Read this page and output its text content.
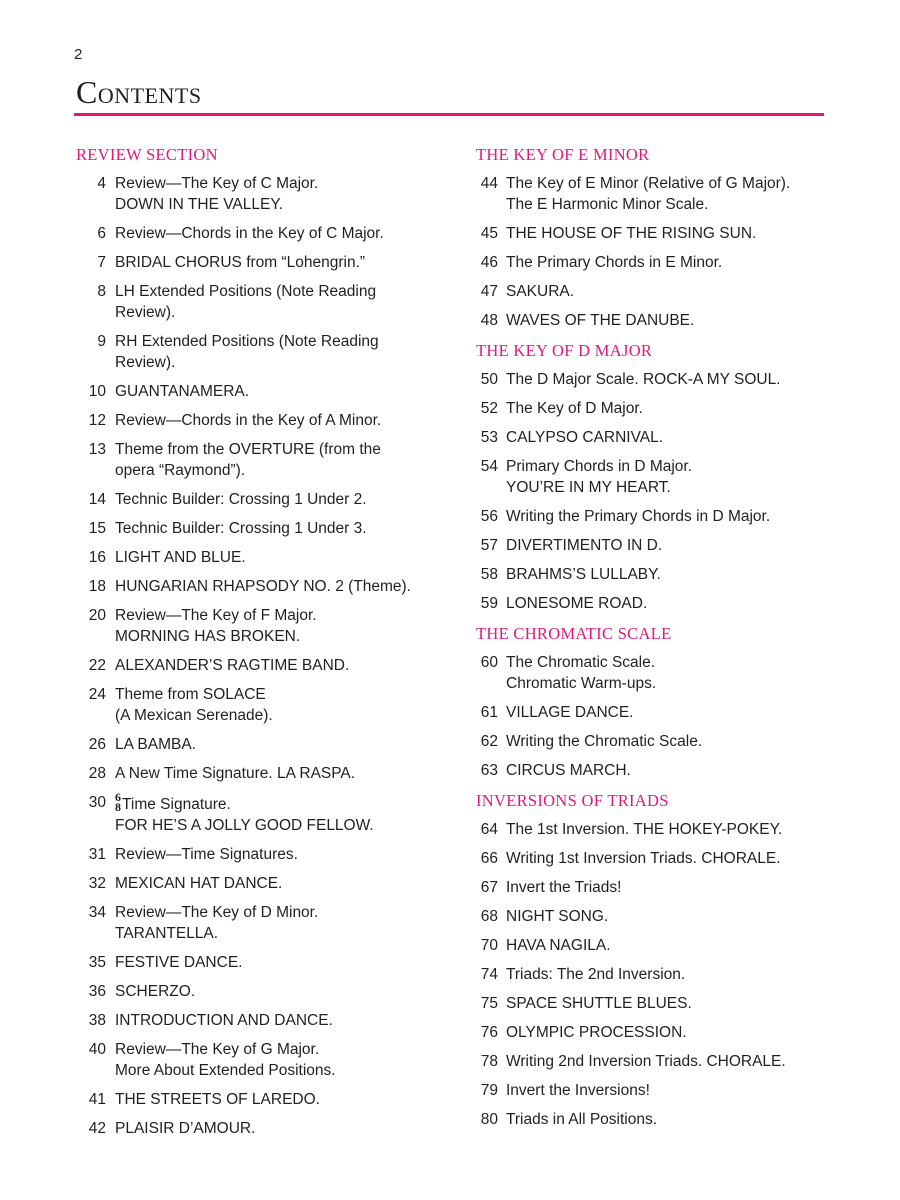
2
Contents
REVIEW SECTION
4 Review—The Key of C Major.
DOWN IN THE VALLEY.
6 Review—Chords in the Key of C Major.
7 BRIDAL CHORUS from “Lohengrin.”
8 LH Extended Positions (Note Reading
Review).
9 RH Extended Positions (Note Reading
Review).
10 GUANTANAMERA.
12 Review—Chords in the Key of A Minor.
13 Theme from the OVERTURE (from the
opera “Raymond”).
14 Technic Builder: Crossing 1 Under 2.
15 Technic Builder: Crossing 1 Under 3.
16 LIGHT AND BLUE.
18 HUNGARIAN RHAPSODY NO. 2 (Theme).
20 Review—The Key of F Major.
MORNING HAS BROKEN.
22 ALEXANDER’S RAGTIME BAND.
24 Theme from SOLACE
(A Mexican Serenade).
26 LA BAMBA.
28 A New Time Signature. LA RASPA.
30 6
8 Time Signature.
FOR HE’S A JOLLY GOOD FELLOW.
31 Review—Time Signatures.
32 MEXICAN HAT DANCE.
34 Review—The Key of D Minor.
TARANTELLA.
35 FESTIVE DANCE.
36 SCHERZO.
38 INTRODUCTION AND DANCE.
40 Review—The Key of G Major.
More About Extended Positions.
41 THE STREETS OF LAREDO.
42 PLAISIR D’AMOUR.
THE KEY OF E MINOR
44 The Key of E Minor (Relative of G Major).
The E Harmonic Minor Scale.
45 THE HOUSE OF THE RISING SUN.
46 The Primary Chords in E Minor.
47 SAKURA.
48 WAVES OF THE DANUBE.
THE KEY OF D MAJOR
50 The D Major Scale. ROCK-A MY SOUL.
52 The Key of D Major.
53 CALYPSO CARNIVAL.
54 Primary Chords in D Major.
YOU’RE IN MY HEART.
56 Writing the Primary Chords in D Major.
57 DIVERTIMENTO IN D.
58 BRAHMS’S LULLABY.
59 LONESOME ROAD.
THE CHROMATIC SCALE
60 The Chromatic Scale.
Chromatic Warm-ups.
61 VILLAGE DANCE.
62 Writing the Chromatic Scale.
63 CIRCUS MARCH.
INVERSIONS OF TRIADS
64 The 1st Inversion. THE HOKEY-POKEY.
66 Writing 1st Inversion Triads. CHORALE.
67 Invert the Triads!
68 NIGHT SONG.
70 HAVA NAGILA.
74 Triads: The 2nd Inversion.
75 SPACE SHUTTLE BLUES.
76 OLYMPIC PROCESSION.
78 Writing 2nd Inversion Triads. CHORALE.
79 Invert the Inversions!
80 Triads in All Positions.
